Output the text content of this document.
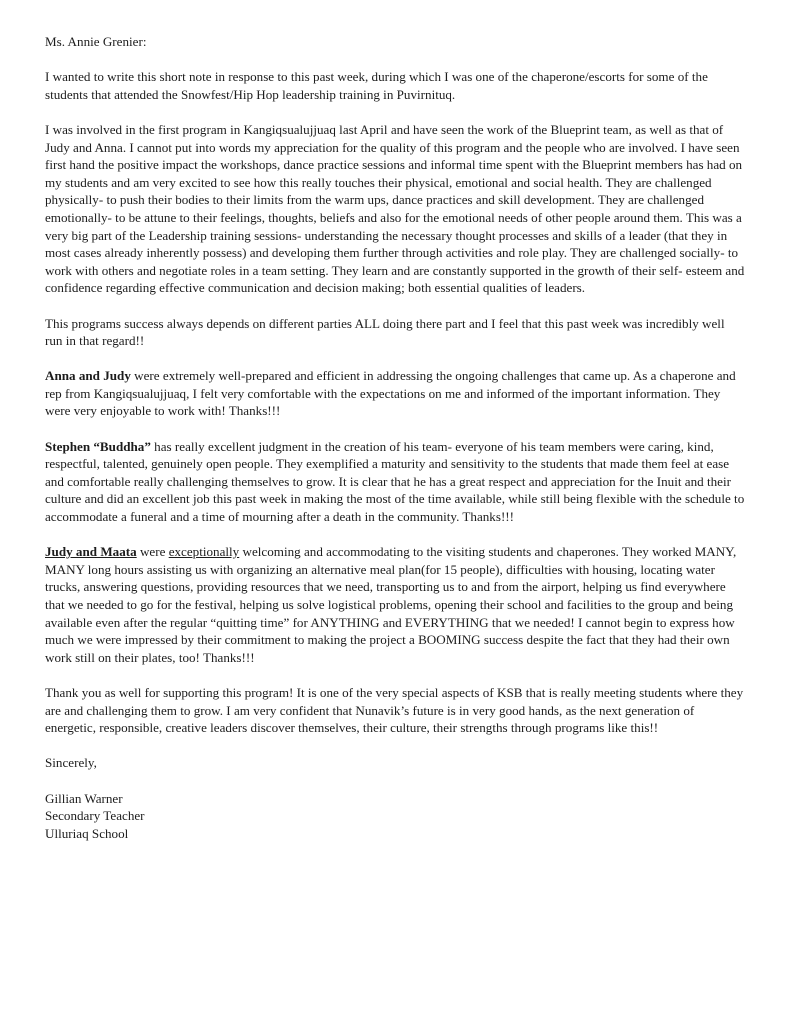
Ms. Annie Grenier:

I wanted to write this short note in response to this past week, during which I was one of the chaperone/escorts for some of the students that attended the Snowfest/Hip Hop leadership training in Puvirnituq.

I was involved in the first program in Kangiqsualujjuaq last April and have seen the work of the Blueprint team, as well as that of Judy and Anna. I cannot put into words my appreciation for the quality of this program and the people who are involved. I have seen first hand the positive impact the workshops, dance practice sessions and informal time spent with the Blueprint members has had on my students and am very excited to see how this really touches their physical, emotional and social health. They are challenged physically- to push their bodies to their limits from the warm ups, dance practices and skill development. They are challenged emotionally- to be attune to their feelings, thoughts, beliefs and also for the emotional needs of other people around them. This was a very big part of the Leadership training sessions- understanding the necessary thought processes and skills of a leader (that they in most cases already inherently possess) and developing them further through activities and role play. They are challenged socially- to work with others and negotiate roles in a team setting. They learn and are constantly supported in the growth of their self- esteem and confidence regarding effective communication and decision making; both essential qualities of leaders.

This programs success always depends on different parties ALL doing there part and I feel that this past week was incredibly well run in that regard!!

Anna and Judy were extremely well-prepared and efficient in addressing the ongoing challenges that came up. As a chaperone and rep from Kangiqsualujjuaq, I felt very comfortable with the expectations on me and informed of the important information. They were very enjoyable to work with! Thanks!!!

Stephen “Buddha” has really excellent judgment in the creation of his team- everyone of his team members were caring, kind, respectful, talented, genuinely open people. They exemplified a maturity and sensitivity to the students that made them feel at ease and comfortable really challenging themselves to grow. It is clear that he has a great respect and appreciation for the Inuit and their culture and did an excellent job this past week in making the most of the time available, while still being flexible with the schedule to accommodate a funeral and a time of mourning after a death in the community. Thanks!!!

Judy and Maata were exceptionally welcoming and accommodating to the visiting students and chaperones. They worked MANY, MANY long hours assisting us with organizing an alternative meal plan(for 15 people), difficulties with housing, locating water trucks, answering questions, providing resources that we need, transporting us to and from the airport, helping us find everywhere that we needed to go for the festival, helping us solve logistical problems, opening their school and facilities to the group and being available even after the regular “quitting time” for ANYTHING and EVERYTHING that we needed! I cannot begin to express how much we were impressed by their commitment to making the project a BOOMING success despite the fact that they had their own work still on their plates, too! Thanks!!!

Thank you as well for supporting this program! It is one of the very special aspects of KSB that is really meeting students where they are and challenging them to grow. I am very confident that Nunavik’s future is in very good hands, as the next generation of energetic, responsible, creative leaders discover themselves, their culture, their strengths through programs like this!!

Sincerely,

Gillian Warner
Secondary Teacher
Ulluriaq School
